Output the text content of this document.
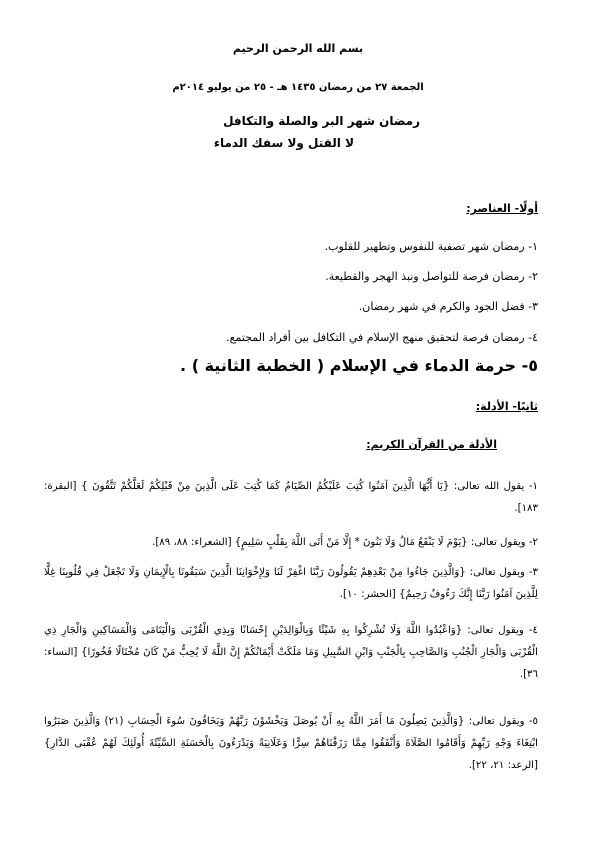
بسم الله الرحمن الرحيم
الجمعة ٢٧ من رمضان ١٤٣٥ هـ - ٢٥ من يوليو ٢٠١٤م
رمضان شهر البر والصلة والتكافل
لا القتل ولا سفك الدماء
أولًا- العناصر:
١- رمضان شهر تصفية للنفوس وتطهير للقلوب.
٢- رمضان فرصة للتواصل ونبذ الهجر والقطيعة.
٣- فضل الجود والكرم في شهر رمضان.
٤- رمضان فرصة لتحقيق منهج الإسلام في التكافل بين أفراد المجتمع.
٥- حرمة الدماء في الإسلام ( الخطبة الثانية ) .
ثانيًا- الأدلة:
الأدلة من القرآن الكريم:
١- يقول الله تعالى: {يَا أَيُّهَا الَّذِينَ آمَنُوا كُتِبَ عَلَيْكُمُ الصِّيَامُ كَمَا كُتِبَ عَلَى الَّذِينَ مِنْ قَبْلِكُمْ لَعَلَّكُمْ تَتَّقُونَ } [البقرة: ١٨٣].
٢- ويقول تعالى: {يَوْمَ لَا يَنْفَعُ مَالٌ وَلَا بَنُونَ * إِلَّا مَنْ أَتَى اللَّهَ بِقَلْبٍ سَلِيمٍ} [الشعراء: ٨٨، ٨٩].
٣- ويقول تعالى: {وَالَّذِينَ جَاءُوا مِنْ بَعْدِهِمْ يَقُولُونَ رَبَّنَا اغْفِرْ لَنَا وَلِإِخْوَانِنَا الَّذِينَ سَبَقُونَا بِالْإِيمَانِ وَلَا تَجْعَلْ فِي قُلُوبِنَا غِلًّا لِلَّذِينَ آمَنُوا رَبَّنَا إِنَّكَ رَءُوفٌ رَحِيمٌ} [الحشر: ١٠].
٤- ويقول تعالى: {وَاعْبُدُوا اللَّهَ وَلَا تُشْرِكُوا بِهِ شَيْئًا وَبِالْوَالِدَيْنِ إِحْسَانًا وَبِذِي الْقُرْبَى وَالْيَتَامَى وَالْمَسَاكِينِ وَالْجَارِ ذِي الْقُرْبَى وَالْجَارِ الْجُنُبِ وَالصَّاحِبِ بِالْجَنْبِ وَابْنِ السَّبِيلِ وَمَا مَلَكَتْ أَيْمَانُكُمْ إِنَّ اللَّهَ لَا يُحِبُّ مَنْ كَانَ مُخْتَالًا فَخُورًا} [النساء: ٣٦].
٥- ويقول تعالى: {وَالَّذِينَ يَصِلُونَ مَا أَمَرَ اللَّهُ بِهِ أَنْ يُوصَلَ وَيَخْشَوْنَ رَبَّهُمْ وَيَخَافُونَ سُوءَ الْحِسَابِ (٢١) وَالَّذِينَ صَبَرُوا ابْتِغَاءَ وَجْهِ رَبِّهِمْ وَأَقَامُوا الصَّلَاةَ وَأَنْفَقُوا مِمَّا رَزَقْنَاهُمْ سِرًّا وَعَلَانِيَةً وَيَدْرَءُونَ بِالْحَسَنَةِ السَّيِّئَةَ أُولَئِكَ لَهُمْ عُقْبَى الدَّارِ} [الرعد: ٢١، ٢٢].
